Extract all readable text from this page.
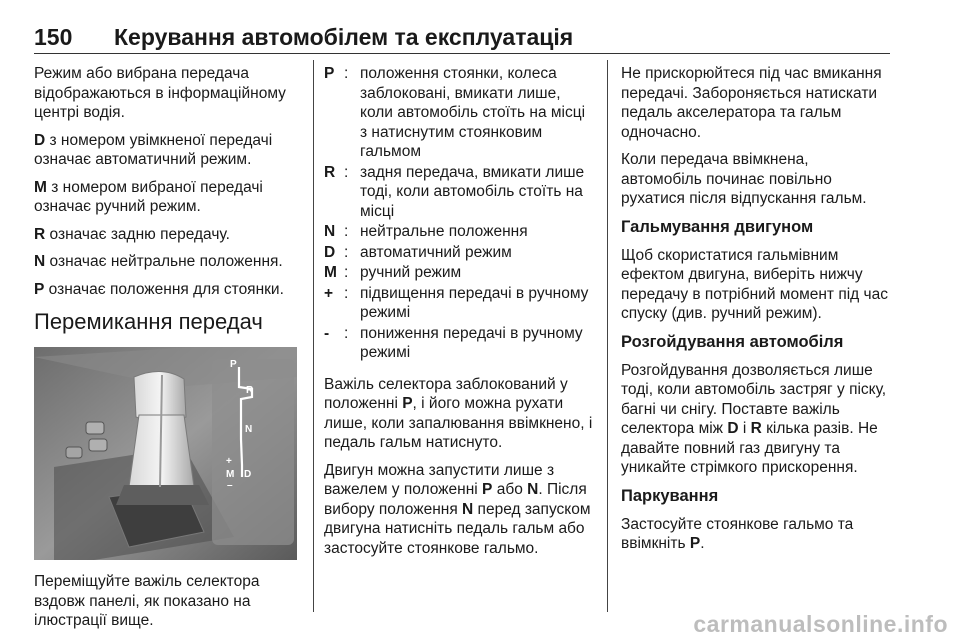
150 Керування автомобілем та експлуатація

Режим або вибрана передача відображаються в інформаційному центрі водія.

D з номером увімкненої передачі означає автоматичний режим.

M з номером вибраної передачі означає ручний режим.

R означає задню передачу.

N означає нейтральне положення.

P означає положення для стоянки.

Перемикання передач
P
R
N
+
M D
–

Переміщуйте важіль селектора вздовж панелі, як показано на ілюстрації вище.

P : положення стоянки, колеса заблоковані, вмикати лише, коли автомобіль стоїть на місці з натиснутим стоянковим гальмом
R : задня передача, вмикати лише тоді, коли автомобіль стоїть на місці
N : нейтральне положення
D : автоматичний режим
M : ручний режим
+ : підвищення передачі в ручному режимі
- : пониження передачі в ручному режимі

Важіль селектора заблокований у положенні P, і його можна рухати лише, коли запалювання ввімкнено, і педаль гальм натиснуто.

Двигун можна запустити лише з важелем у положенні P або N. Після вибору положення N перед запуском двигуна натисніть педаль гальм або застосуйте стоянкове гальмо.

Не прискорюйтеся під час вмикання передачі. Забороняється натискати педаль акселератора та гальм одночасно.

Коли передача ввімкнена, автомобіль починає повільно рухатися після відпускання гальм.

Гальмування двигуном

Щоб скористатися гальмівним ефектом двигуна, виберіть нижчу передачу в потрібний момент під час спуску (див. ручний режим).

Розгойдування автомобіля

Розгойдування дозволяється лише тоді, коли автомобіль застряг у піску, багні чи снігу. Поставте важіль селектора між D і R кілька разів. Не давайте повний газ двигуну та уникайте стрімкого прискорення.

Паркування

Застосуйте стоянкове гальмо та ввімкніть P.

carmanualsonline.info
